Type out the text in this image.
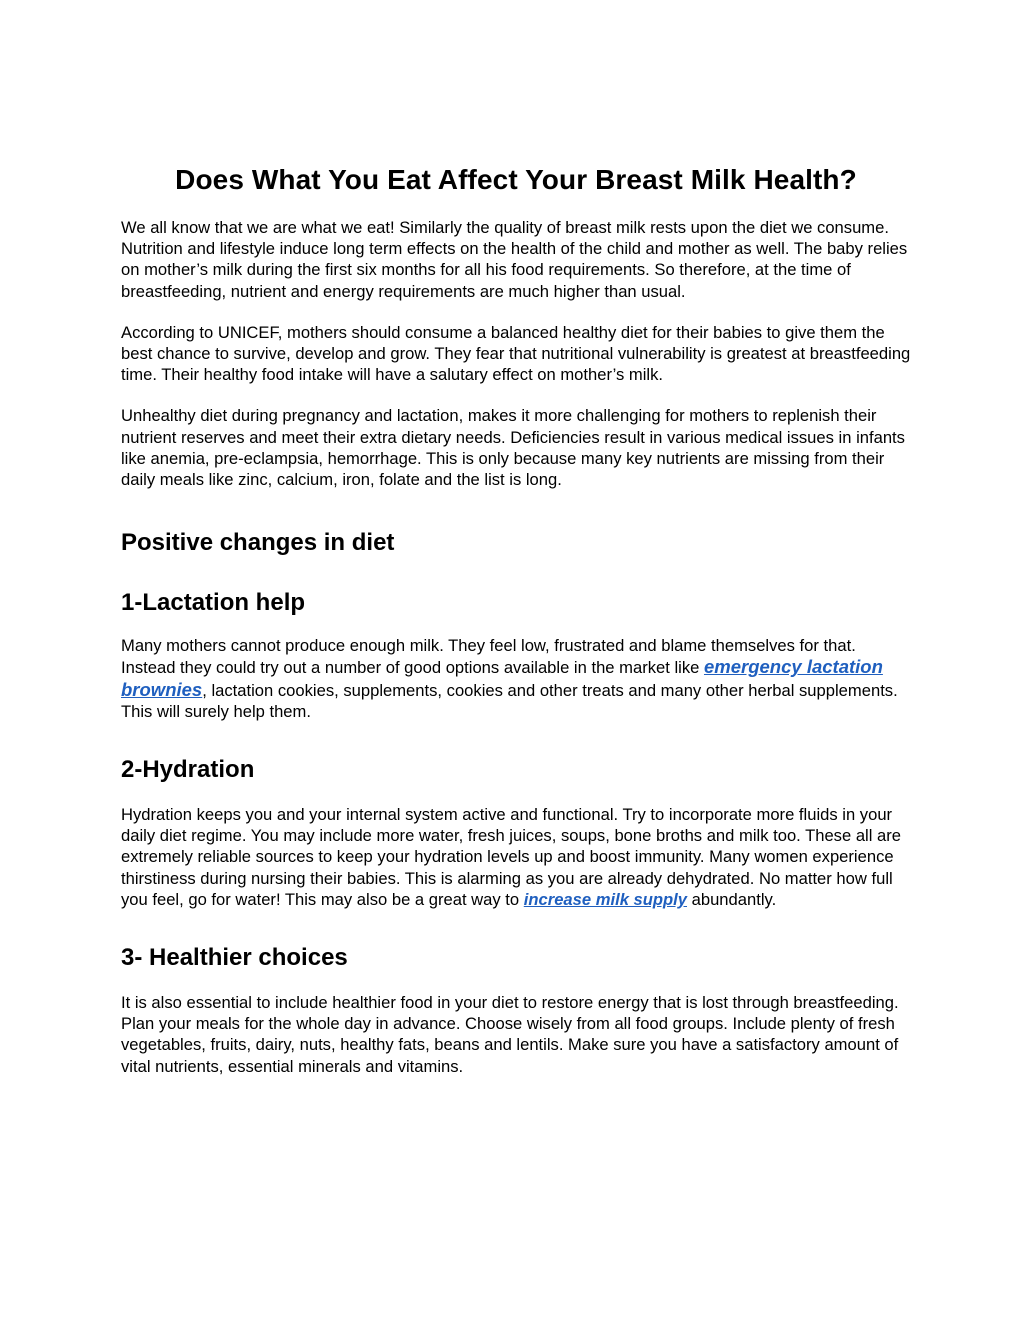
Does What You Eat Affect Your Breast Milk Health?

We all know that we are what we eat! Similarly the quality of breast milk rests upon the diet we consume. Nutrition and lifestyle induce long term effects on the health of the child and mother as well. The baby relies on mother’s milk during the first six months for all his food requirements. So therefore, at the time of breastfeeding, nutrient and energy requirements are much higher than usual.

According to UNICEF, mothers should consume a balanced healthy diet for their babies to give them the best chance to survive, develop and grow. They fear that nutritional vulnerability is greatest at breastfeeding time. Their healthy food intake will have a salutary effect on mother’s milk.

Unhealthy diet during pregnancy and lactation, makes it more challenging for mothers to replenish their nutrient reserves and meet their extra dietary needs. Deficiencies result in various medical issues in infants like anemia, pre-eclampsia, hemorrhage. This is only because many key nutrients are missing from their daily meals like zinc, calcium, iron, folate and the list is long.

Positive changes in diet
1-Lactation help

Many mothers cannot produce enough milk. They feel low, frustrated and blame themselves for that. Instead they could try out a number of good options available in the market like emergency lactation brownies, lactation cookies, supplements, cookies and other treats and many other herbal supplements. This will surely help them.

2-Hydration

Hydration keeps you and your internal system active and functional. Try to incorporate more fluids in your daily diet regime. You may include more water, fresh juices, soups, bone broths and milk too. These all are extremely reliable sources to keep your hydration levels up and boost immunity. Many women experience thirstiness during nursing their babies. This is alarming as you are already dehydrated. No matter how full you feel, go for water! This may also be a great way to increase milk supply abundantly.

3- Healthier choices

It is also essential to include healthier food in your diet to restore energy that is lost through breastfeeding. Plan your meals for the whole day in advance. Choose wisely from all food groups. Include plenty of fresh vegetables, fruits, dairy, nuts, healthy fats, beans and lentils. Make sure you have a satisfactory amount of vital nutrients, essential minerals and vitamins.
